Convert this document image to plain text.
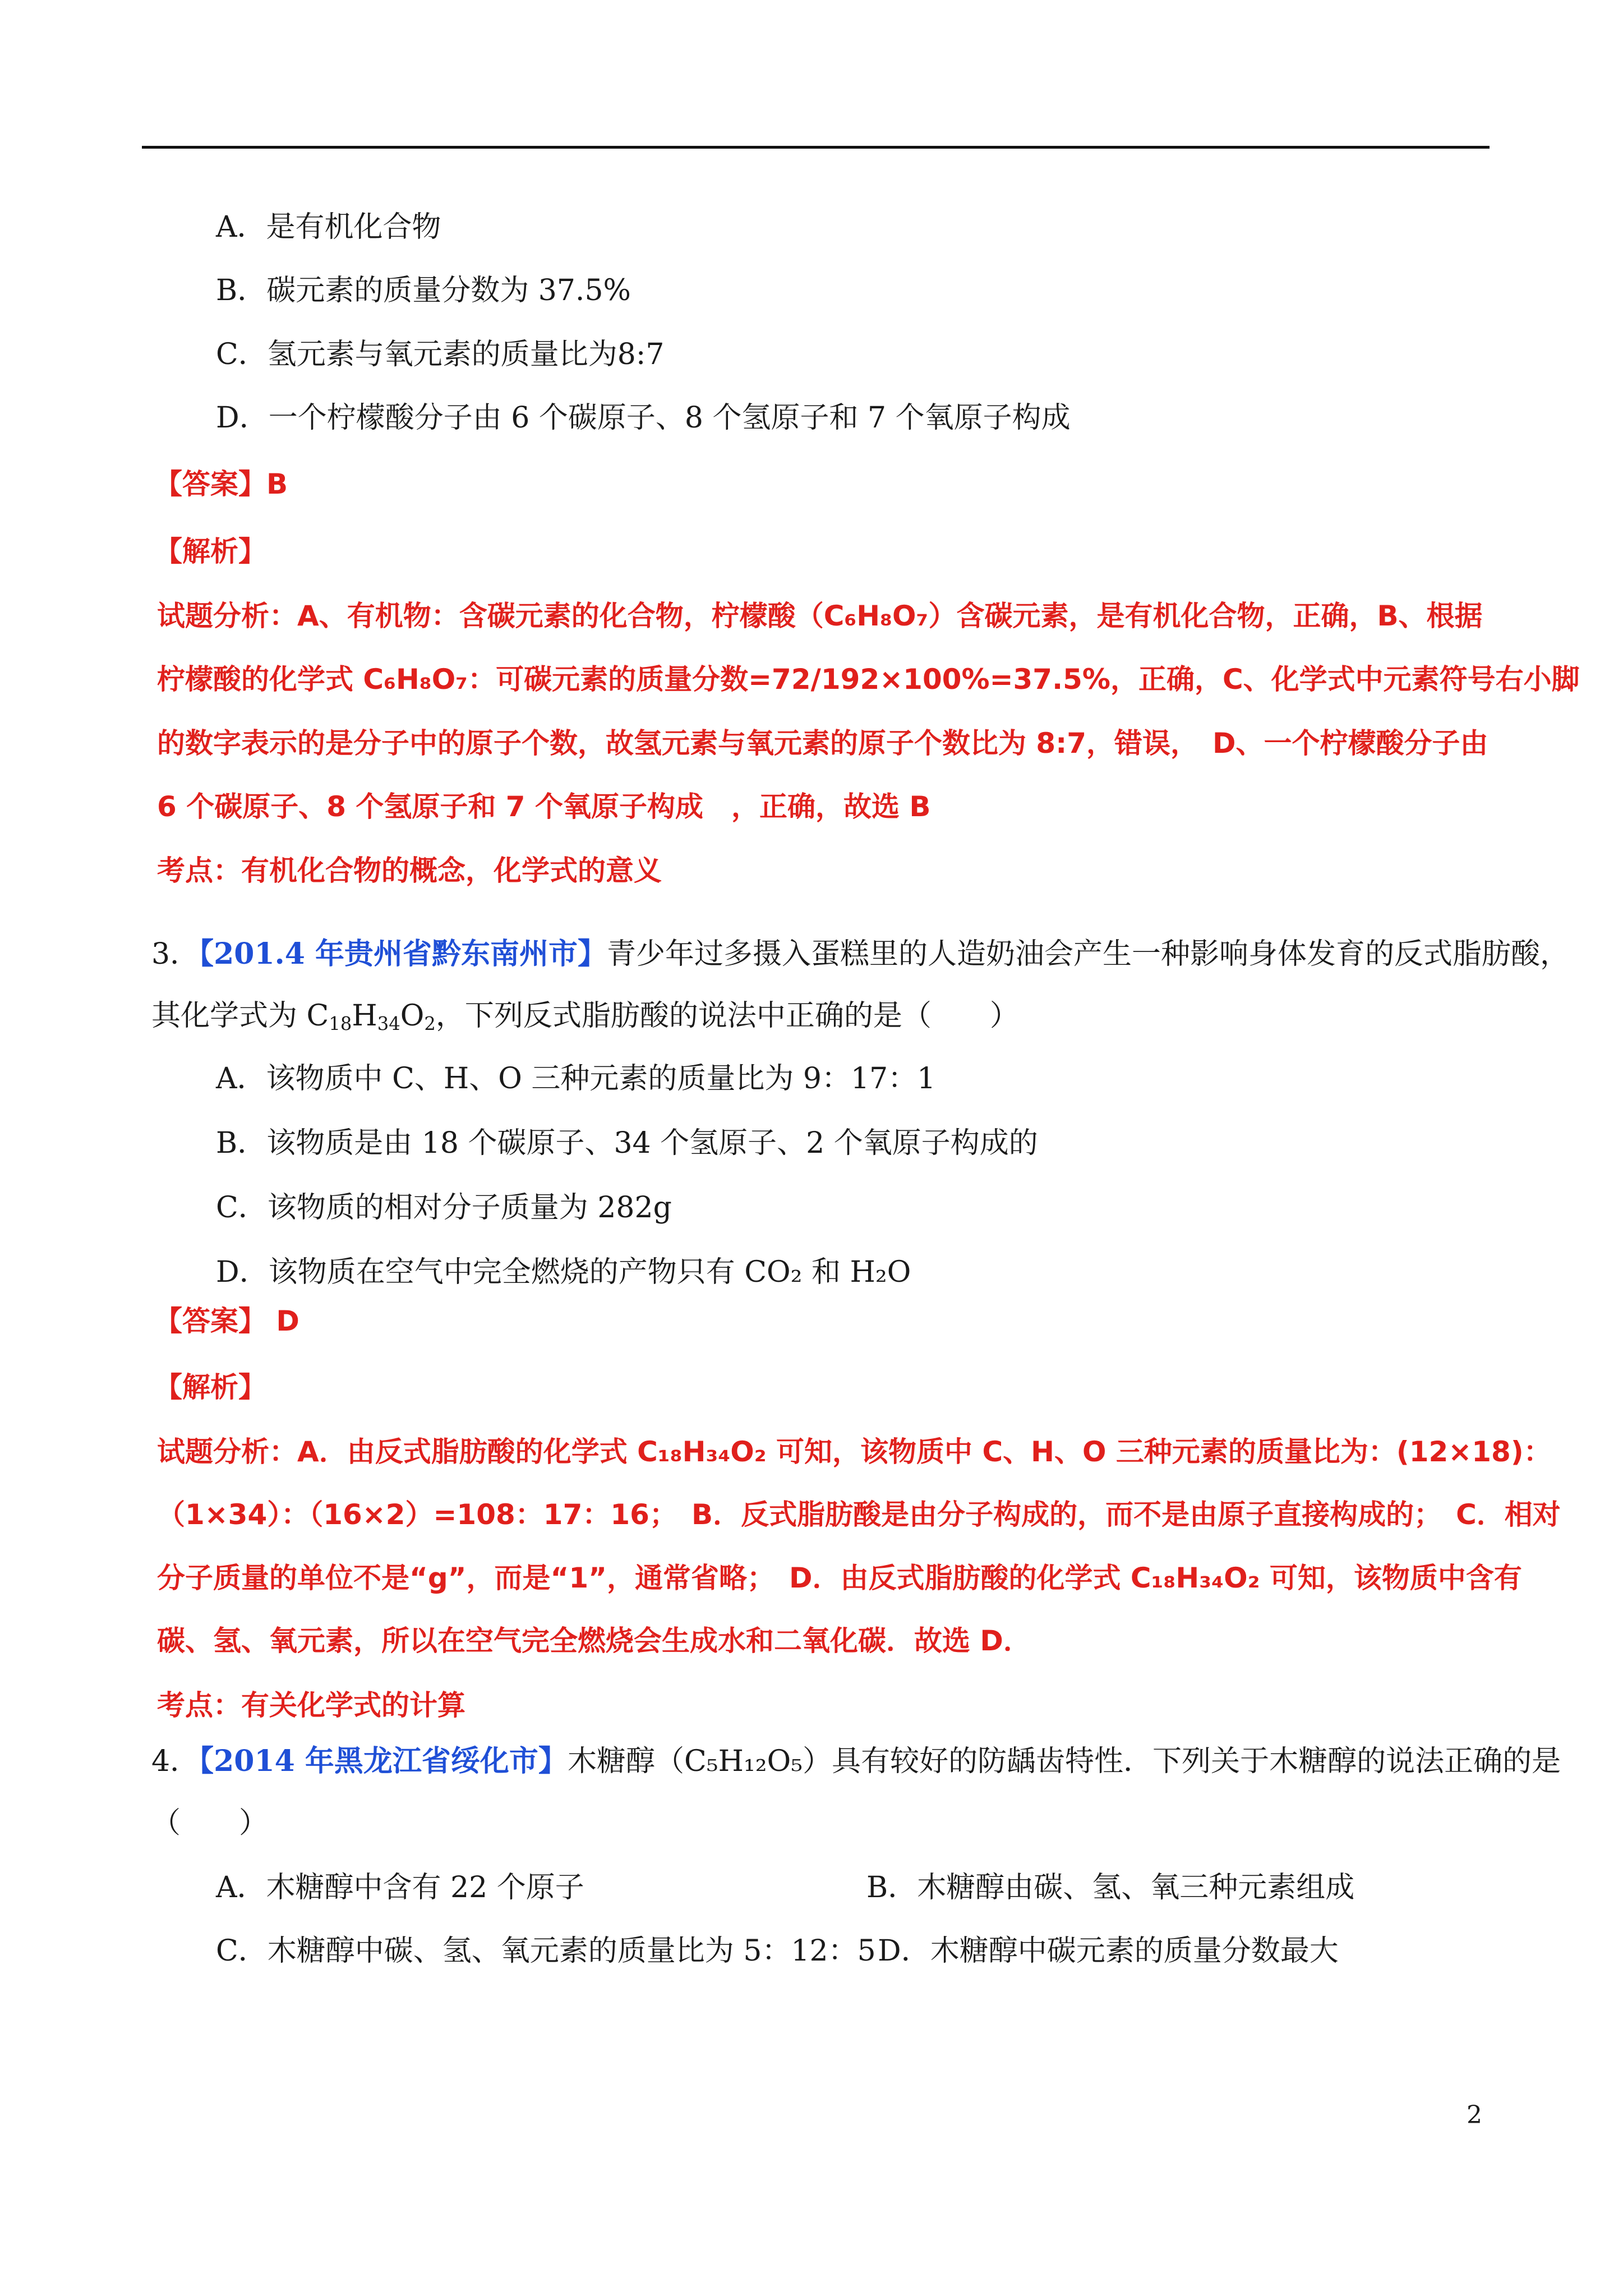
A．是有机化合物
B．碳元素的质量分数为 37.5%
C．氢元素与氧元素的质量比为8:7
D．一个柠檬酸分子由 6 个碳原子、8 个氢原子和 7 个氧原子构成
【答案】B
【解析】
试题分析：A、有机物：含碳元素的化合物，柠檬酸（C₆H₈O₇）含碳元素，是有机化合物，正确，B、根据
柠檬酸的化学式 C₆H₈O₇：可碳元素的质量分数=72/192×100%=37.5%，正确，C、化学式中元素符号右小脚
的数字表示的是分子中的原子个数，故氢元素与氧元素的原子个数比为 8:7，错误，　D、一个柠檬酸分子由
6 个碳原子、8 个氢原子和 7 个氧原子构成　，正确，故选 B
考点：有机化合物的概念，化学式的意义
3．【201.4 年贵州省黔东南州市】青少年过多摄入蛋糕里的人造奶油会产生一种影响身体发育的反式脂肪酸，
其化学式为 $C_{18}H_{34}O_2$，下列反式脂肪酸的说法中正确的是（　　）
A．该物质中 C、H、O 三种元素的质量比为 9：17：1
B．该物质是由 18 个碳原子、34 个氢原子、2 个氧原子构成的
C．该物质的相对分子质量为 282g
D．该物质在空气中完全燃烧的产物只有 CO₂ 和 H₂O
【答案】 D
【解析】
试题分析：A．由反式脂肪酸的化学式 C₁₈H₃₄O₂ 可知，该物质中 C、H、O 三种元素的质量比为：(12×18)：
（1×34）：（16×2）=108：17：16；　B．反式脂肪酸是由分子构成的，而不是由原子直接构成的；　C．相对
分子质量的单位不是“g”，而是“1”，通常省略；　D．由反式脂肪酸的化学式 C₁₈H₃₄O₂ 可知，该物质中含有
碳、氢、氧元素，所以在空气完全燃烧会生成水和二氧化碳．故选 D．
考点：有关化学式的计算
4．【2014 年黑龙江省绥化市】木糖醇（C₅H₁₂O₅）具有较好的防龋齿特性．下列关于木糖醇的说法正确的是
（　　）
A．木糖醇中含有 22 个原子	B．木糖醇由碳、氢、氧三种元素组成
C．木糖醇中碳、氢、氧元素的质量比为 5：12：5 D．木糖醇中碳元素的质量分数最大
2
